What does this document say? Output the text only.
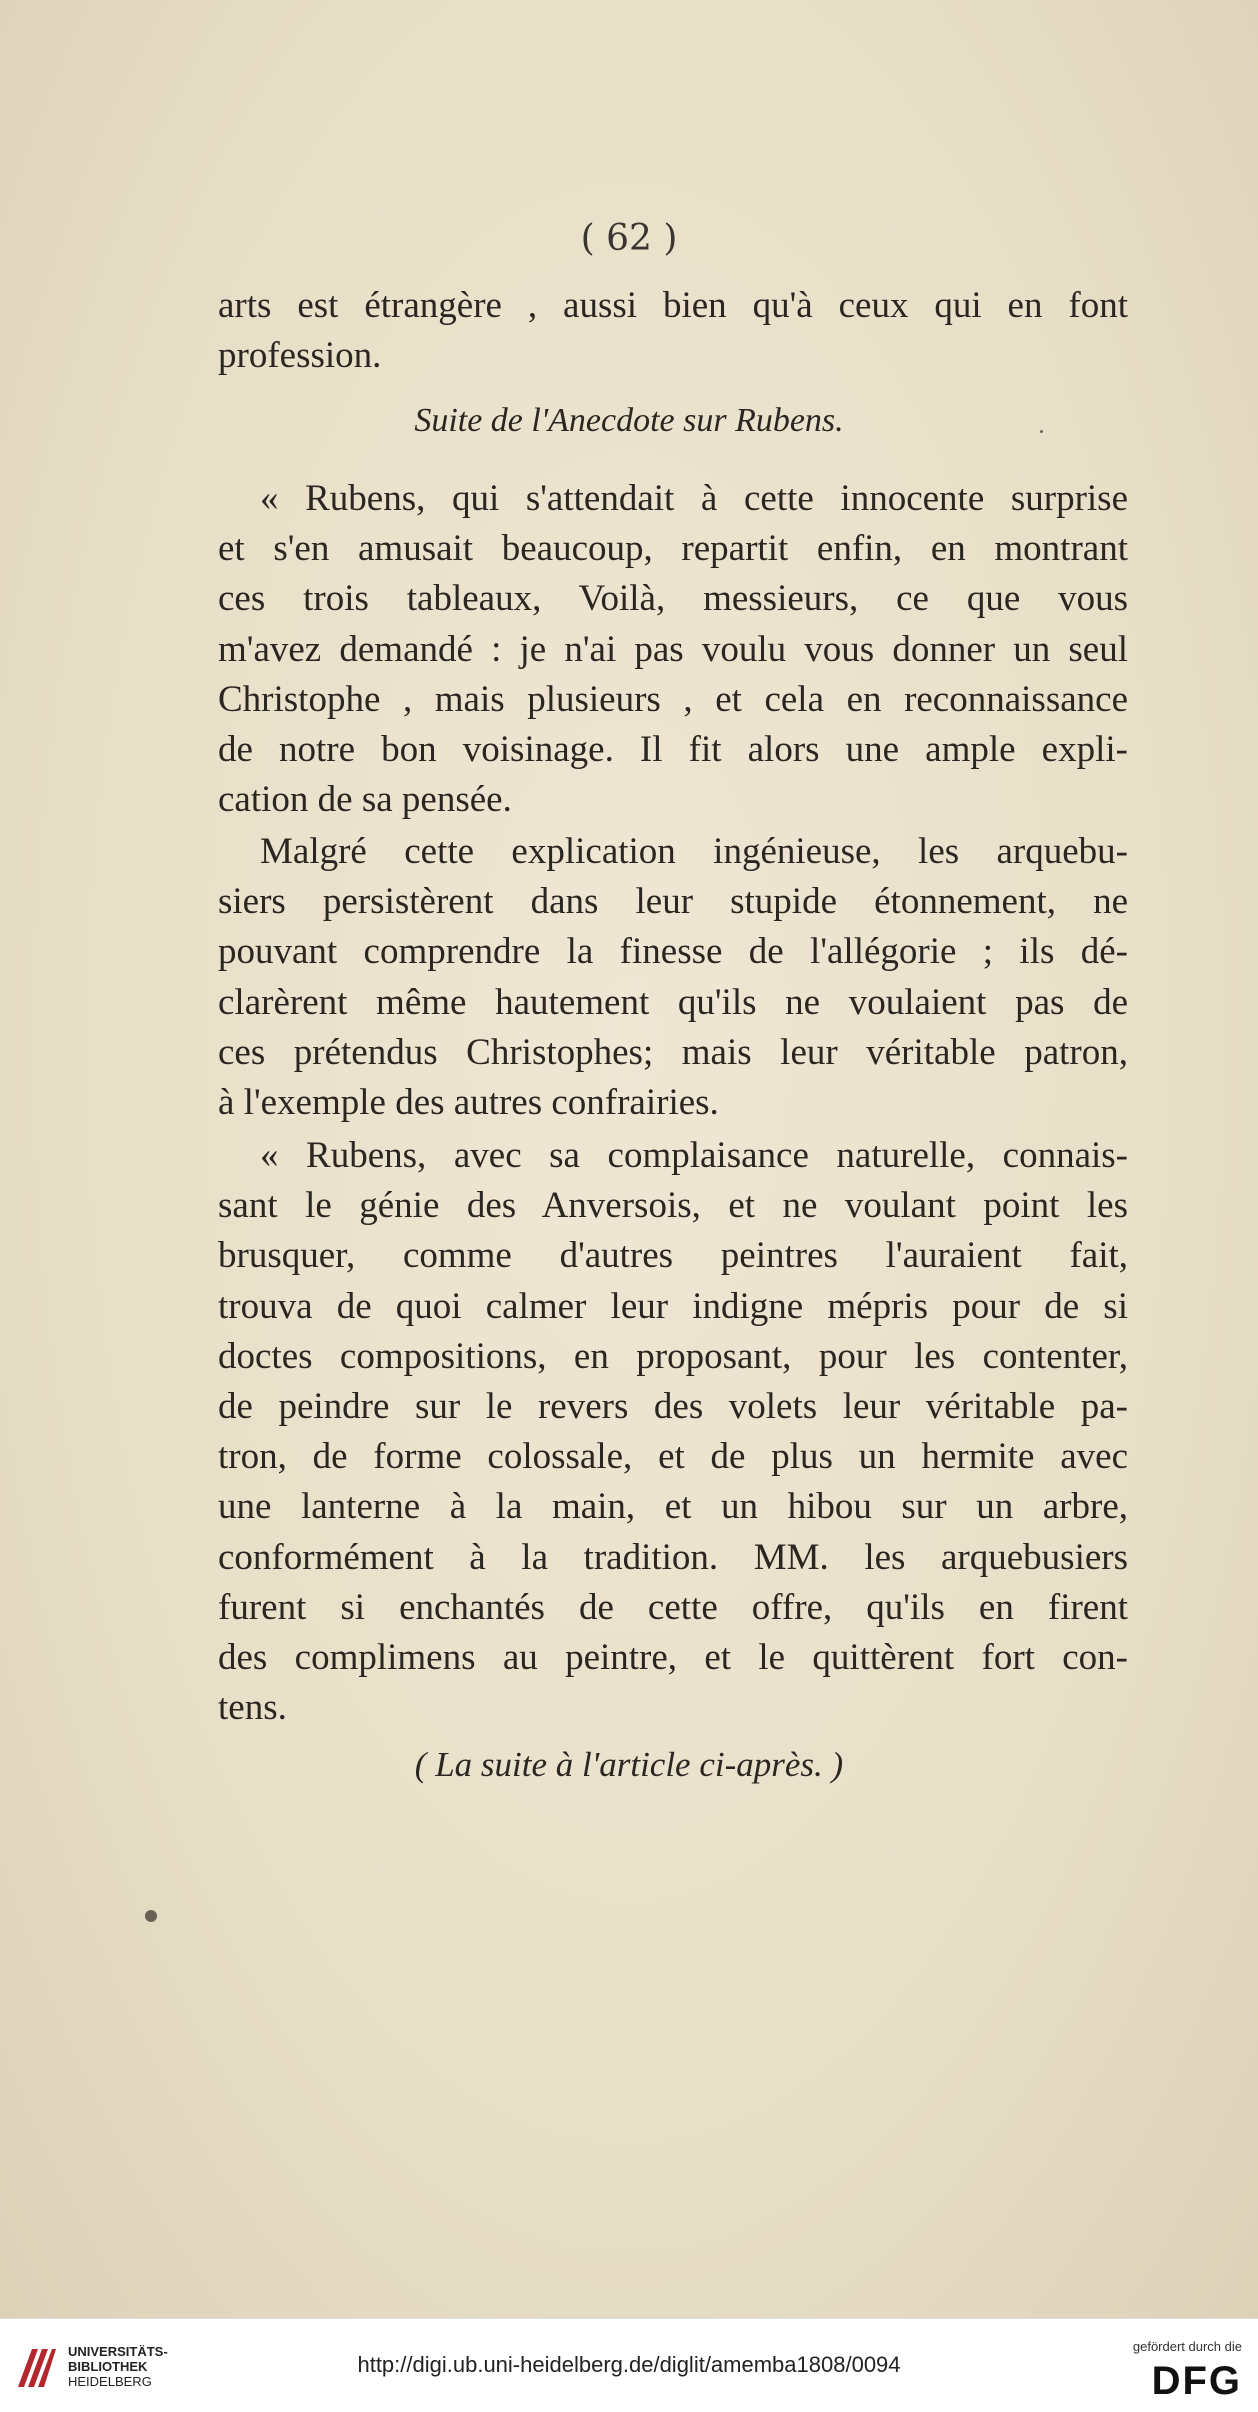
( 62 )
arts est étrangère , aussi bien qu'à ceux qui en font
profession.
Suite de l'Anecdote sur Rubens.
« Rubens, qui s'attendait à cette innocente surprise
et s'en amusait beaucoup, repartit enfin, en montrant
ces trois tableaux, Voilà, messieurs, ce que vous
m'avez demandé : je n'ai pas voulu vous donner un seul
Christophe , mais plusieurs , et cela en reconnaissance
de notre bon voisinage. Il fit alors une ample expli-
cation de sa pensée.
Malgré cette explication ingénieuse, les arquebu-
siers persistèrent dans leur stupide étonnement, ne
pouvant comprendre la finesse de l'allégorie ; ils dé-
clarèrent même hautement qu'ils ne voulaient pas de
ces prétendus Christophes; mais leur véritable patron,
à l'exemple des autres confrairies.
« Rubens, avec sa complaisance naturelle, connais-
sant le génie des Anversois, et ne voulant point les
brusquer, comme d'autres peintres l'auraient fait,
trouva de quoi calmer leur indigne mépris pour de si
doctes compositions, en proposant, pour les contenter,
de peindre sur le revers des volets leur véritable pa-
tron, de forme colossale, et de plus un hermite avec
une lanterne à la main, et un hibou sur un arbre,
conformément à la tradition. MM. les arquebusiers
furent si enchantés de cette offre, qu'ils en firent
des complimens au peintre, et le quittèrent fort con-
tens.
( La suite à l'article ci-après. )
UNIVERSITÄTS-
BIBLIOTHEK
HEIDELBERG
http://digi.ub.uni-heidelberg.de/diglit/amemba1808/0094
gefördert durch die
DFG
